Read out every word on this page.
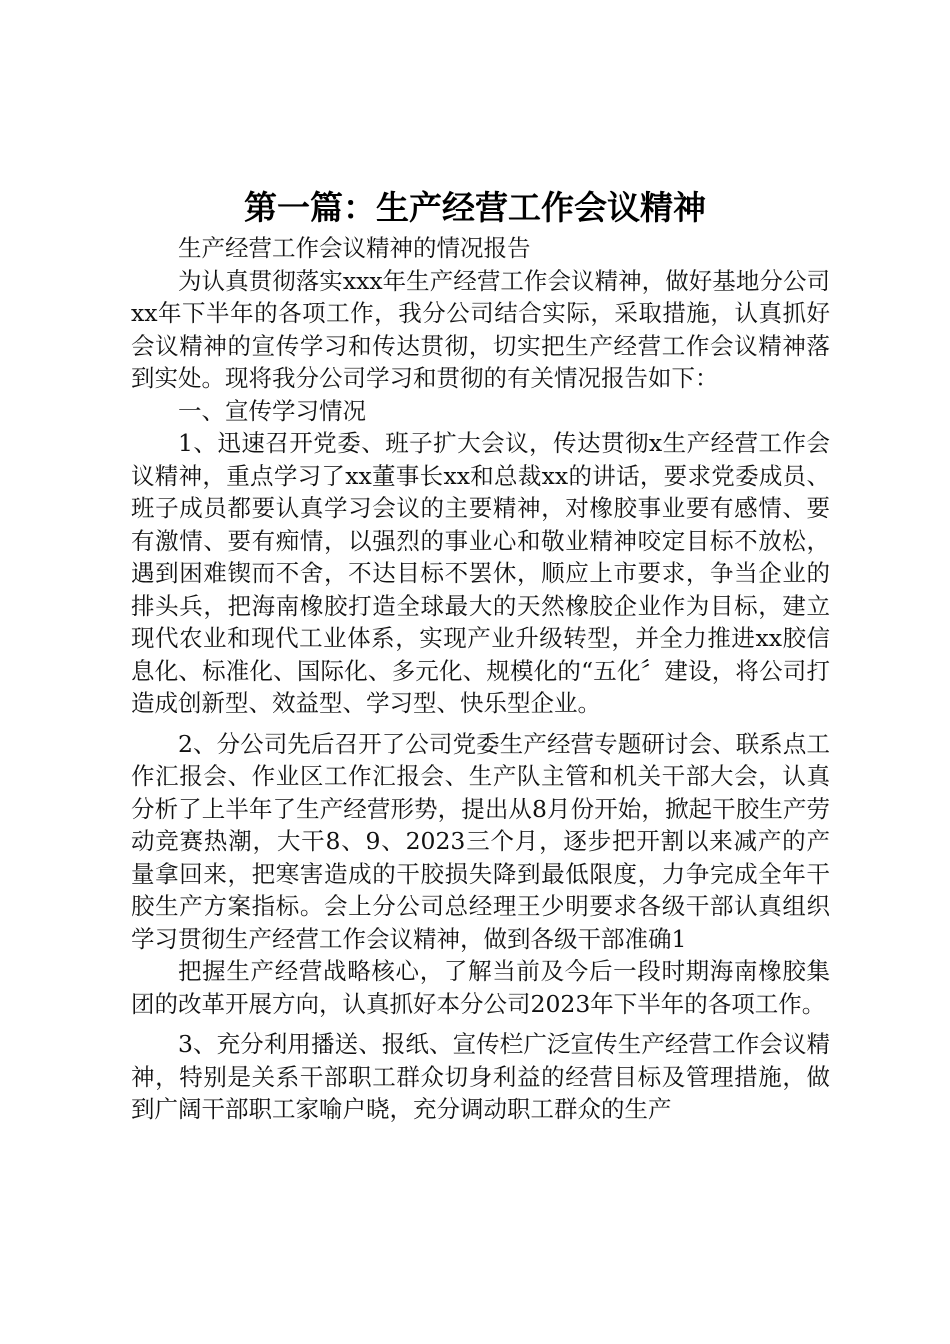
第一篇：生产经营工作会议精神

生产经营工作会议精神的情况报告

为认真贯彻落实xxx年生产经营工作会议精神，做好基地分公司xx年下半年的各项工作，我分公司结合实际，采取措施，认真抓好会议精神的宣传学习和传达贯彻，切实把生产经营工作会议精神落到实处。现将我分公司学习和贯彻的有关情况报告如下：

一、宣传学习情况

1、迅速召开党委、班子扩大会议，传达贯彻x生产经营工作会议精神，重点学习了xx董事长xx和总裁xx的讲话，要求党委成员、班子成员都要认真学习会议的主要精神，对橡胶事业要有感情、要有激情、要有痴情，以强烈的事业心和敬业精神咬定目标不放松，遇到困难锲而不舍，不达目标不罢休，顺应上市要求，争当企业的排头兵，把海南橡胶打造全球最大的天然橡胶企业作为目标，建立现代农业和现代工业体系，实现产业升级转型，并全力推进xx胶信息化、标准化、国际化、多元化、规模化的“五化〞建设，将公司打造成创新型、效益型、学习型、快乐型企业。

2、分公司先后召开了公司党委生产经营专题研讨会、联系点工作汇报会、作业区工作汇报会、生产队主管和机关干部大会，认真分析了上半年了生产经营形势，提出从8月份开始，掀起干胶生产劳动竞赛热潮，大干8、9、2023三个月，逐步把开割以来减产的产量拿回来，把寒害造成的干胶损失降到最低限度，力争完成全年干胶生产方案指标。会上分公司总经理王少明要求各级干部认真组织学习贯彻生产经营工作会议精神，做到各级干部准确1

把握生产经营战略核心，了解当前及今后一段时期海南橡胶集团的改革开展方向，认真抓好本分公司2023年下半年的各项工作。

3、充分利用播送、报纸、宣传栏广泛宣传生产经营工作会议精神，特别是关系干部职工群众切身利益的经营目标及管理措施，做到广阔干部职工家喻户晓，充分调动职工群众的生产
